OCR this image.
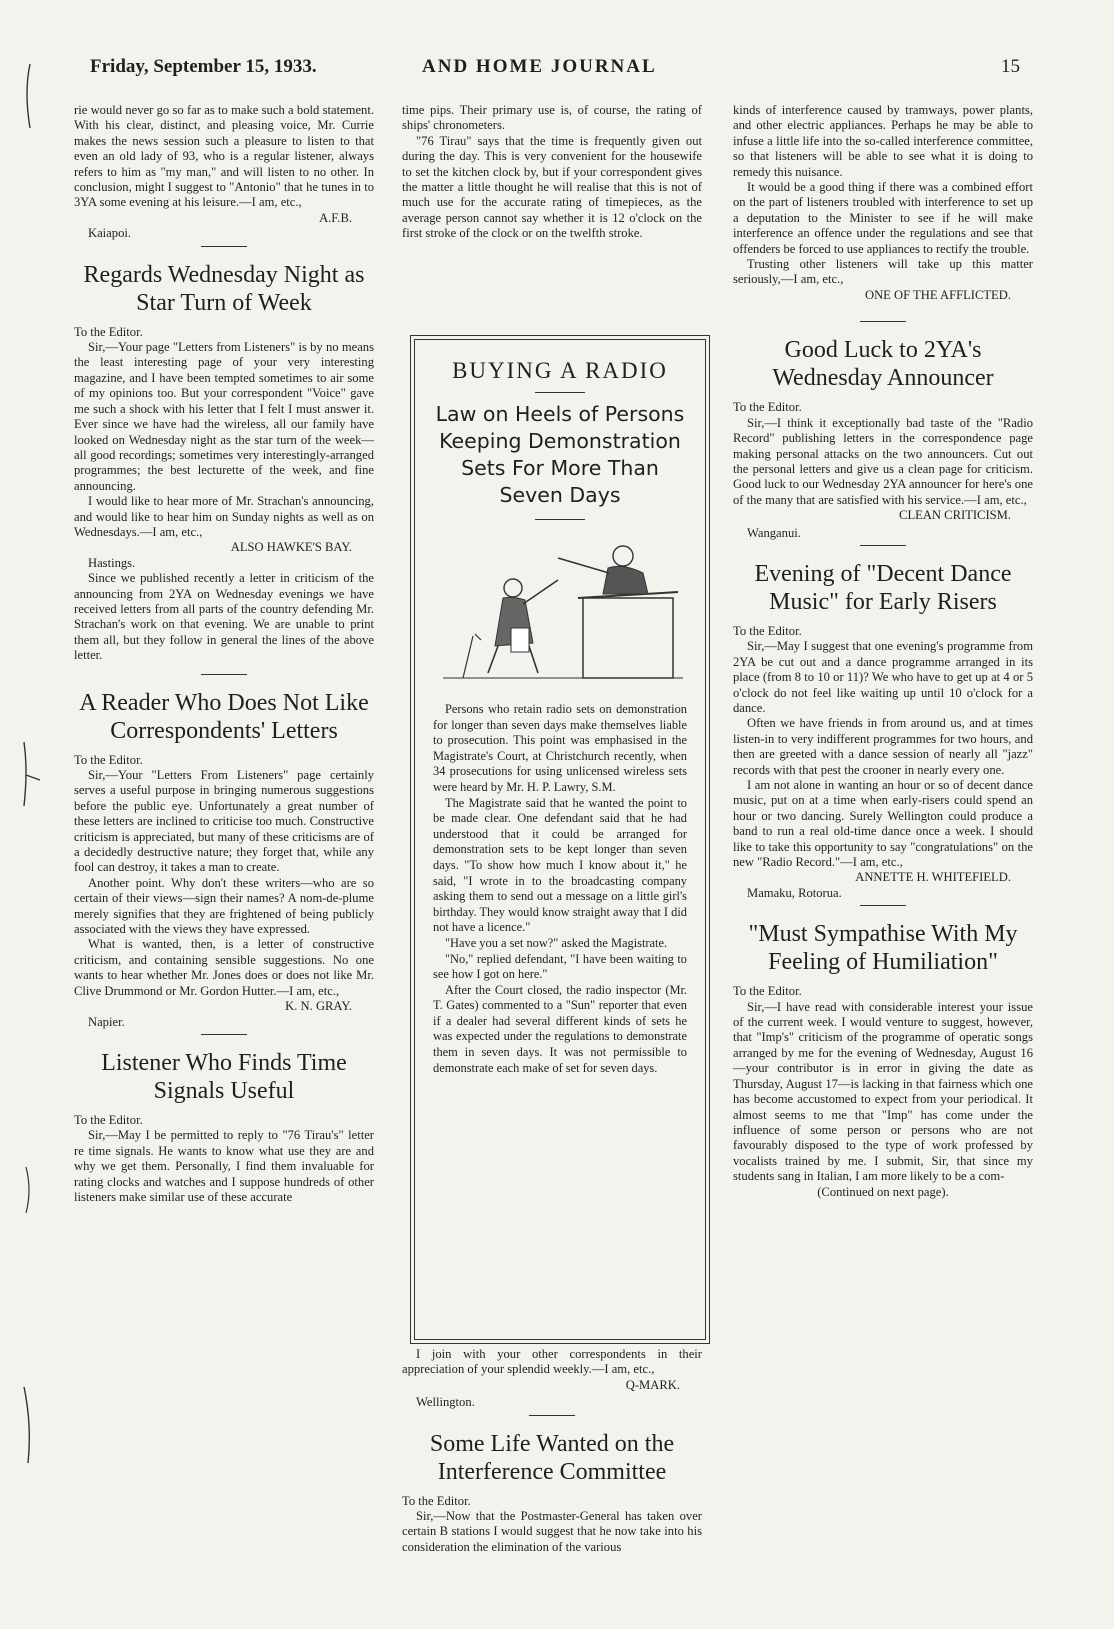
Friday, September 15, 1933.	AND HOME JOURNAL	15

rie would never go so far as to make such a bold statement. With his clear, distinct, and pleasing voice, Mr. Currie makes the news session such a pleasure to listen to that even an old lady of 93, who is a regular listener, always refers to him as "my man," and will listen to no other. In conclusion, might I suggest to "Antonio" that he tunes in to 3YA some evening at his leisure.—I am, etc.,

A.F.B.

Kaiapoi.

Regards Wednesday Night as Star Turn of Week

To the Editor.

Sir,—Your page "Letters from Listeners" is by no means the least interesting page of your very interesting magazine, and I have been tempted sometimes to air some of my opinions too. But your correspondent "Voice" gave me such a shock with his letter that I felt I must answer it. Ever since we have had the wireless, all our family have looked on Wednesday night as the star turn of the week—all good recordings; sometimes very interestingly-arranged programmes; the best lecturette of the week, and fine announcing.

I would like to hear more of Mr. Strachan's announcing, and would like to hear him on Sunday nights as well as on Wednesdays.—I am, etc.,

ALSO HAWKE'S BAY.

Hastings.

Since we published recently a letter in criticism of the announcing from 2YA on Wednesday evenings we have received letters from all parts of the country defending Mr. Strachan's work on that evening. We are unable to print them all, but they follow in general the lines of the above letter.

A Reader Who Does Not Like Correspondents' Letters

To the Editor.

Sir,—Your "Letters From Listeners" page certainly serves a useful purpose in bringing numerous suggestions before the public eye. Unfortunately a great number of these letters are inclined to criticise too much. Constructive criticism is appreciated, but many of these criticisms are of a decidedly destructive nature; they forget that, while any fool can destroy, it takes a man to create.

Another point. Why don't these writers—who are so certain of their views—sign their names? A nom-de-plume merely signifies that they are frightened of being publicly associated with the views they have expressed.

What is wanted, then, is a letter of constructive criticism, and containing sensible suggestions. No one wants to hear whether Mr. Jones does or does not like Mr. Clive Drummond or Mr. Gordon Hutter.—I am, etc.,

K. N. GRAY.

Napier.

Listener Who Finds Time Signals Useful

To the Editor.

Sir,—May I be permitted to reply to "76 Tirau's" letter re time signals. He wants to know what use they are and why we get them. Personally, I find them invaluable for rating clocks and watches and I suppose hundreds of other listeners make similar use of these accurate

time pips. Their primary use is, of course, the rating of ships' chronometers.

"76 Tirau" says that the time is frequently given out during the day. This is very convenient for the housewife to set the kitchen clock by, but if your correspondent gives the matter a little thought he will realise that this is not of much use for the accurate rating of timepieces, as the average person cannot say whether it is 12 o'clock on the first stroke of the clock or on the twelfth stroke.

BUYING A RADIO
Law on Heels of Persons Keeping Demonstration Sets For More Than Seven Days

Persons who retain radio sets on demonstration for longer than seven days make themselves liable to prosecution. This point was emphasised in the Magistrate's Court, at Christchurch recently, when 34 prosecutions for using unlicensed wireless sets were heard by Mr. H. P. Lawry, S.M.

The Magistrate said that he wanted the point to be made clear. One defendant said that he had understood that it could be arranged for demonstration sets to be kept longer than seven days. "To show how much I know about it," he said, "I wrote in to the broadcasting company asking them to send out a message on a little girl's birthday. They would know straight away that I did not have a licence."

"Have you a set now?" asked the Magistrate.

"No," replied defendant, "I have been waiting to see how I got on here."

After the Court closed, the radio inspector (Mr. T. Gates) commented to a "Sun" reporter that even if a dealer had several different kinds of sets he was expected under the regulations to demonstrate them in seven days. It was not permissible to demonstrate each make of set for seven days.

I join with your other correspondents in their appreciation of your splendid weekly.—I am, etc.,

Q-MARK.

Wellington.

Some Life Wanted on the Interference Committee

To the Editor.

Sir,—Now that the Postmaster-General has taken over certain B stations I would suggest that he now take into his consideration the elimination of the various

kinds of interference caused by tramways, power plants, and other electric appliances. Perhaps he may be able to infuse a little life into the so-called interference committee, so that listeners will be able to see what it is doing to remedy this nuisance.

It would be a good thing if there was a combined effort on the part of listeners troubled with interference to set up a deputation to the Minister to see if he will make interference an offence under the regulations and see that offenders be forced to use appliances to rectify the trouble.

Trusting other listeners will take up this matter seriously,—I am, etc.,

ONE OF THE AFFLICTED.

Good Luck to 2YA's Wednesday Announcer

To the Editor.

Sir,—I think it exceptionally bad taste of the "Radio Record" publishing letters in the correspondence page making personal attacks on the two announcers. Cut out the personal letters and give us a clean page for criticism. Good luck to our Wednesday 2YA announcer for here's one of the many that are satisfied with his service.—I am, etc.,

CLEAN CRITICISM.

Wanganui.

Evening of "Decent Dance Music" for Early Risers

To the Editor.

Sir,—May I suggest that one evening's programme from 2YA be cut out and a dance programme arranged in its place (from 8 to 10 or 11)? We who have to get up at 4 or 5 o'clock do not feel like waiting up until 10 o'clock for a dance.

Often we have friends in from around us, and at times listen-in to very indifferent programmes for two hours, and then are greeted with a dance session of nearly all "jazz" records with that pest the crooner in nearly every one.

I am not alone in wanting an hour or so of decent dance music, put on at a time when early-risers could spend an hour or two dancing. Surely Wellington could produce a band to run a real old-time dance once a week. I should like to take this opportunity to say "congratulations" on the new "Radio Record."—I am, etc.,

ANNETTE H. WHITEFIELD.

Mamaku, Rotorua.

"Must Sympathise With My Feeling of Humiliation"

To the Editor.

Sir,—I have read with considerable interest your issue of the current week. I would venture to suggest, however, that "Imp's" criticism of the programme of operatic songs arranged by me for the evening of Wednesday, August 16—your contributor is in error in giving the date as Thursday, August 17—is lacking in that fairness which one has become accustomed to expect from your periodical. It almost seems to me that "Imp" has come under the influence of some person or persons who are not favourably disposed to the type of work professed by vocalists trained by me. I submit, Sir, that since my students sang in Italian, I am more likely to be a com-

(Continued on next page).
